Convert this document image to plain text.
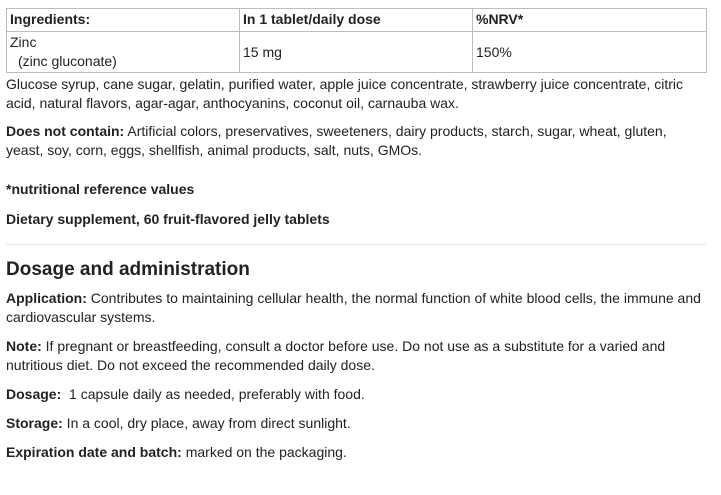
Ingredients:	In 1 tablet/daily dose	%NRV*
Zinc
(zinc gluconate)	15 mg	150%

Glucose syrup, cane sugar, gelatin, purified water, apple juice concentrate, strawberry juice concentrate, citric acid, natural flavors, agar-agar, anthocyanins, coconut oil, carnauba wax.

Does not contain: Artificial colors, preservatives, sweeteners, dairy products, starch, sugar, wheat, gluten, yeast, soy, corn, eggs, shellfish, animal products, salt, nuts, GMOs.

*nutritional reference values

Dietary supplement, 60 fruit-flavored jelly tablets

Dosage and administration

Application: Contributes to maintaining cellular health, the normal function of white blood cells, the immune and cardiovascular systems.

Note: If pregnant or breastfeeding, consult a doctor before use. Do not use as a substitute for a varied and nutritious diet. Do not exceed the recommended daily dose.

Dosage:  1 capsule daily as needed, preferably with food.

Storage: In a cool, dry place, away from direct sunlight.

Expiration date and batch: marked on the packaging.
